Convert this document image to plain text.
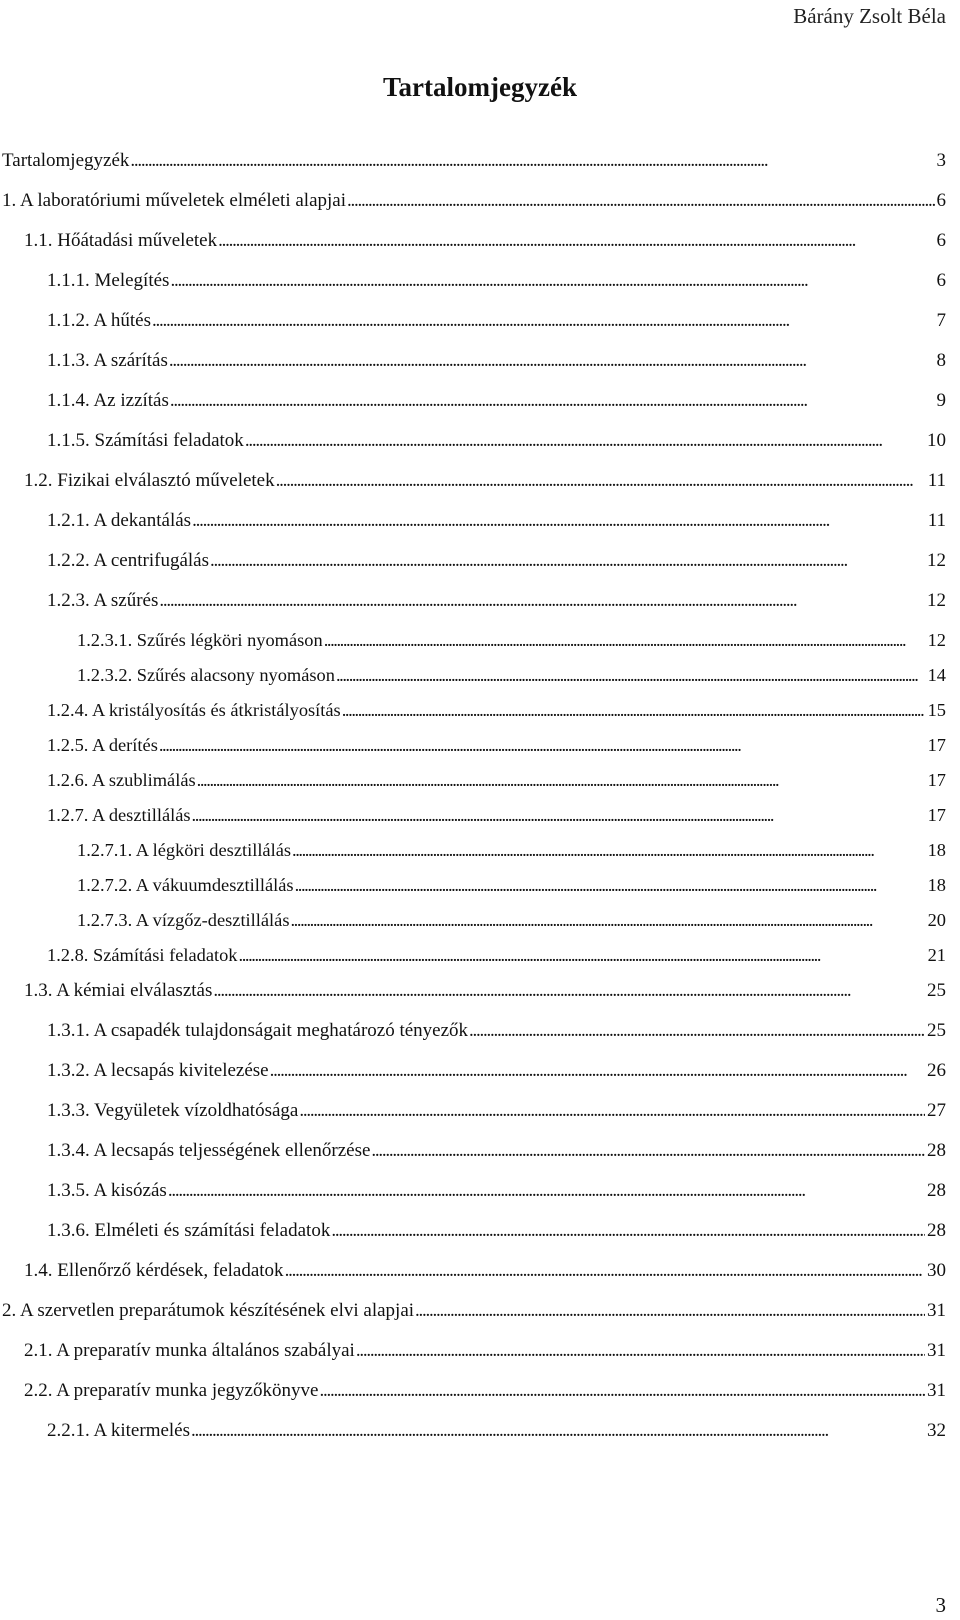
Bárány Zsolt Béla
Tartalomjegyzék
Tartalomjegyzék . . .	3
1. A laboratóriumi műveletek elméleti alapjai . . .	6
1.1. Hőátadási műveletek . . .	6
1.1.1. Melegítés . . .	6
1.1.2. A hűtés . . .	7
1.1.3. A szárítás . . .	8
1.1.4. Az izzítás . . .	9
1.1.5. Számítási feladatok . . .	10
1.2. Fizikai elválasztó műveletek . . .	11
1.2.1. A dekantálás . . .	11
1.2.2. A centrifugálás . . .	12
1.2.3. A szűrés . . .	12
1.2.3.1. Szűrés légköri nyomáson . . .	12
1.2.3.2. Szűrés alacsony nyomáson . . .	14
1.2.4. A kristályosítás és átkristályosítás . . .	15
1.2.5. A derítés . . .	17
1.2.6. A szublimálás . . .	17
1.2.7. A desztillálás . . .	17
1.2.7.1. A légköri desztillálás . . .	18
1.2.7.2. A vákuumdesztillálás . . .	18
1.2.7.3. A vízgőz-desztillálás . . .	20
1.2.8. Számítási feladatok . . .	21
1.3. A kémiai elválasztás . . .	25
1.3.1. A csapadék tulajdonságait meghatározó tényezők . . .	25
1.3.2. A lecsapás kivitelezése . . .	26
1.3.3. Vegyületek vízoldhatósága . . .	27
1.3.4. A lecsapás teljességének ellenőrzése . . .	28
1.3.5. A kisózás . . .	28
1.3.6. Elméleti és számítási feladatok . . .	28
1.4. Ellenőrző kérdések, feladatok . . .	30
2. A szervetlen preparátumok készítésének elvi alapjai . . .	31
2.1. A preparatív munka általános szabályai . . .	31
2.2. A preparatív munka jegyzőkönyve . . .	31
2.2.1. A kitermelés . . .	32
3
